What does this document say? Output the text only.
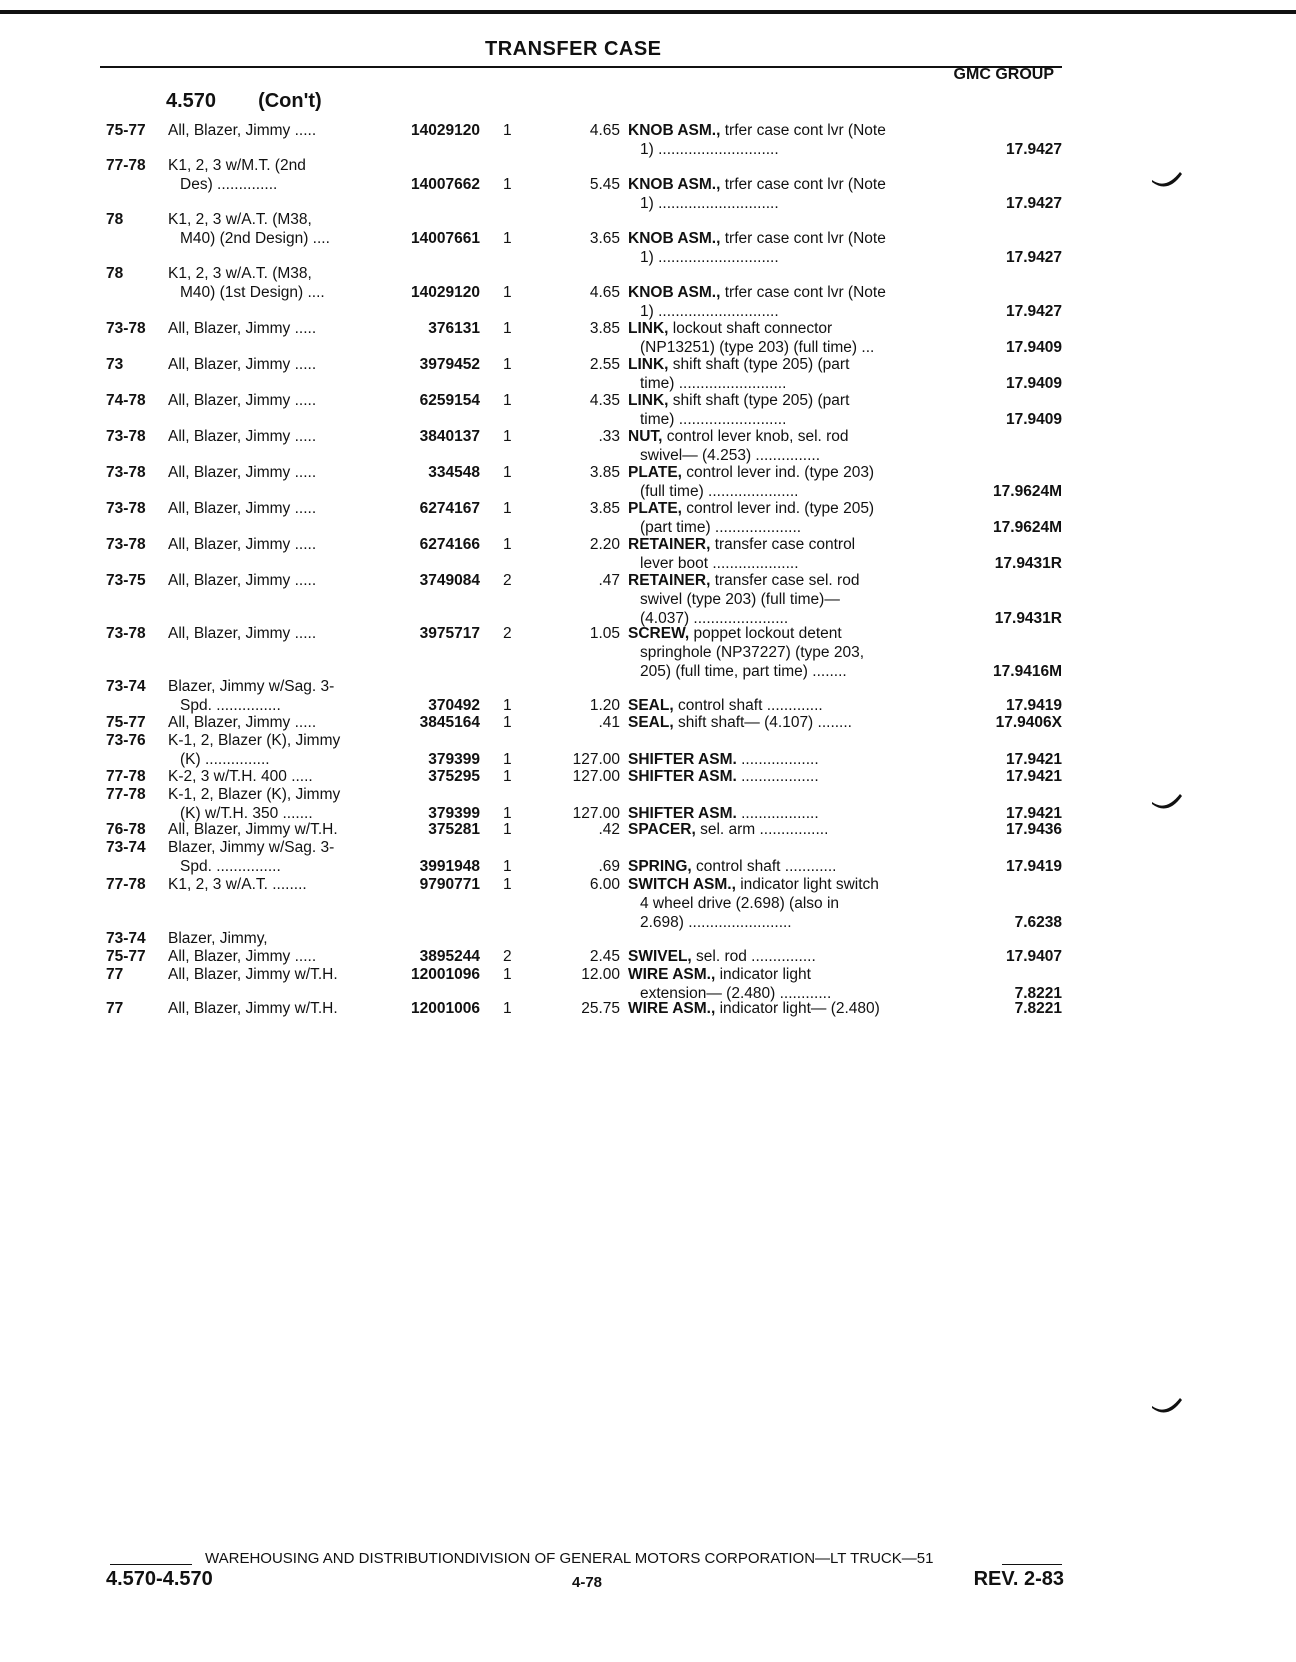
TRANSFER CASE
GMC GROUP
4.570 (Con't)
75-77 All, Blazer, Jimmy .....	14029120 1	4.65 KNOB ASM., trfer case cont lvr (Note
1) ............................	17.9427
77-78 K1, 2, 3 w/M.T. (2nd
Des) ..............	14007662 1	5.45 KNOB ASM., trfer case cont lvr (Note
1) ............................	17.9427
78	K1, 2, 3 w/A.T. (M38,
M40) (2nd Design) ....	14007661 1	3.65 KNOB ASM., trfer case cont lvr (Note
1) ............................	17.9427
78	K1, 2, 3 w/A.T. (M38,
M40) (1st Design) ....	14029120 1	4.65 KNOB ASM., trfer case cont lvr (Note
1) ............................	17.9427
73-78 All, Blazer, Jimmy .....	376131 1	3.85 LINK, lockout shaft connector
(NP13251) (type 203) (full time) ...	17.9409
73	All, Blazer, Jimmy .....	3979452 1	2.55 LINK, shift shaft (type 205) (part
time) .........................	17.9409
74-78 All, Blazer, Jimmy .....	6259154 1	4.35 LINK, shift shaft (type 205) (part
time) .........................	17.9409
73-78 All, Blazer, Jimmy .....	3840137 1	.33 NUT, control lever knob, sel. rod
swivel— (4.253) ...............
73-78 All, Blazer, Jimmy .....	334548 1	3.85 PLATE, control lever ind. (type 203)
(full time) .....................	17.9624M
73-78 All, Blazer, Jimmy .....	6274167 1	3.85 PLATE, control lever ind. (type 205)
(part time) ....................	17.9624M
73-78 All, Blazer, Jimmy .....	6274166 1	2.20 RETAINER, transfer case control
lever boot ....................	17.9431R
73-75 All, Blazer, Jimmy .....	3749084 2	.47 RETAINER, transfer case sel. rod
swivel (type 203) (full time)—
(4.037) ......................	17.9431R
73-78 All, Blazer, Jimmy .....	3975717 2	1.05 SCREW, poppet lockout detent
springhole (NP37227) (type 203,
205) (full time, part time) ........	17.9416M
73-74 Blazer, Jimmy w/Sag. 3-
Spd. ...............	370492 1	1.20 SEAL, control shaft .............	17.9419
75-77 All, Blazer, Jimmy .....	3845164 1	.41 SEAL, shift shaft— (4.107) ........	17.9406X
73-76 K-1, 2, Blazer (K), Jimmy
(K) ...............	379399 1	127.00 SHIFTER ASM. ..................	17.9421
77-78 K-2, 3 w/T.H. 400 .....	375295 1	127.00 SHIFTER ASM. ..................	17.9421
77-78 K-1, 2, Blazer (K), Jimmy
(K) w/T.H. 350 .......	379399 1	127.00 SHIFTER ASM. ..................	17.9421
76-78 All, Blazer, Jimmy w/T.H.	375281 1	.42 SPACER, sel. arm ................	17.9436
73-74 Blazer, Jimmy w/Sag. 3-
Spd. ...............	3991948 1	.69 SPRING, control shaft ............	17.9419
77-78 K1, 2, 3 w/A.T. ........	9790771 1	6.00 SWITCH ASM., indicator light switch
4 wheel drive (2.698) (also in
2.698) ........................	7.6238
73-74 Blazer, Jimmy,
75-77 All, Blazer, Jimmy .....	3895244 2	2.45 SWIVEL, sel. rod ...............	17.9407
77	All, Blazer, Jimmy w/T.H.	12001096 1	12.00 WIRE ASM., indicator light
extension— (2.480) ............	7.8221
77	All, Blazer, Jimmy w/T.H.	12001006 1	25.75 WIRE ASM., indicator light— (2.480)	7.8221
WAREHOUSING AND DISTRIBUTIONDIVISION OF GENERAL MOTORS CORPORATION—LT TRUCK—51
4.570-4.570	4-78	REV. 2-83
